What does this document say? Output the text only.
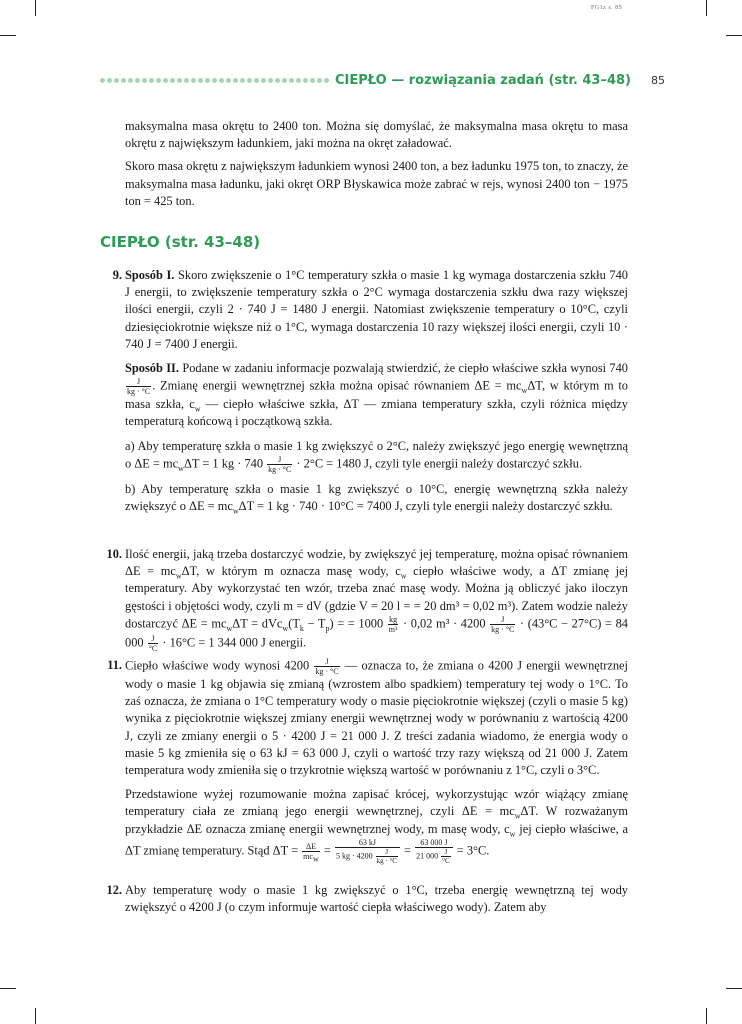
FG1z s. 85
CIEPŁO — rozwiązania zadań (str. 43–48) 85

maksymalna masa okrętu to 2400 ton. Można się domyślać, że maksymalna masa okrętu to masa okrętu z największym ładunkiem, jaki można na okręt załadować.

Skoro masa okrętu z największym ładunkiem wynosi 2400 ton, a bez ładunku 1975 ton, to znaczy, że maksymalna masa ładunku, jaki okręt ORP Błyskawica może zabrać w rejs, wynosi 2400 ton − 1975 ton = 425 ton.

CIEPŁO (str. 43–48)
9. Sposób I. Skoro zwiększenie o 1°C temperatury szkła o masie 1 kg wymaga dostarczenia szkłu 740 J energii, to zwiększenie temperatury szkła o 2°C wymaga dostarczenia szkłu dwa razy większej ilości energii, czyli 2 · 740 J = 1480 J energii. Natomiast zwiększenie temperatury o 10°C, czyli dziesięciokrotnie większe niż o 1°C, wymaga dostarczenia 10 razy większej ilości energii, czyli 10 · 740 J = 7400 J energii.

Sposób II. Podane w zadaniu informacje pozwalają stwierdzić, że ciepło właściwe szkła wynosi 740
$\frac{J}{kg \cdot ^\circ C}$ . Zmianę energii wewnętrznej szkła można opisać równaniem $\Delta E = mc_w\Delta T$, w którym m to masa szkła, $c_w$ — ciepło właściwe szkła, ΔT — zmiana temperatury szkła, czyli różnica między temperaturą końcową i początkową szkła.

a) Aby temperaturę szkła o masie 1 kg zwiększyć o 2°C, należy zwiększyć jego energię wewnętrzną o $\Delta E = mc_w\Delta T = 1$ kg · $740 \frac{J}{kg \cdot ^\circ C} \cdot 2^\circ C = 1480$ J, czyli tyle energii należy dostarczyć szkłu.

b) Aby temperaturę szkła o masie 1 kg zwiększyć o 10°C, energię wewnętrzną szkła należy zwiększyć o $\Delta E = mc_w\Delta T = 1$ kg · 740 · 10°C = 7400 J, czyli tyle energii należy dostarczyć szkłu.

10. Ilość energii, jaką trzeba dostarczyć wodzie, by zwiększyć jej temperaturę, można opisać równaniem $\Delta E = mc_w\Delta T$, w którym m oznacza masę wody, $c_w$ ciepło właściwe wody, a ΔT zmianę jej temperatury. Aby wykorzystać ten wzór, trzeba znać masę wody. Można ją obliczyć jako iloczyn gęstości i objętości wody, czyli m = dV (gdzie V = 20 l = = 20 dm³ = 0,02 m³). Zatem wodzie należy dostarczyć $\Delta E = mc_w\Delta T = dVc_w(T_k - T_p)$ = = $1000 \frac{kg}{\text{m³}} \cdot 0,02$ $m^3 \cdot 4200 \frac{J}{kg \cdot ^\circ C} \cdot (43^\circ C - 27^\circ C) = 84$ $000 \frac{J}{^\circ C} \cdot 16^\circ C = 1$ 344 000 J energii.

11. Ciepło właściwe wody wynosi $4200 \frac{J}{kg \cdot ^\circ C}$ — oznacza to, że zmiana o 4200 J energii wewnętrznej wody o masie 1 kg objawia się zmianą (wzrostem albo spadkiem) temperatury tej wody o 1°C. To zaś oznacza, że zmiana o 1°C temperatury wody o masie pięciokrotnie większej (czyli o masie 5 kg) wynika z pięciokrotnie większej zmiany energii wewnętrznej wody w porównaniu z wartością 4200 J, czyli ze zmiany energii o 5 · 4200 J = 21 000 J. Z treści zadania wiadomo, że energia wody o masie 5 kg zmieniła się o 63 kJ = 63 000 J, czyli o wartość trzy razy większą od 21 000 J. Zatem temperatura wody zmieniła się o trzykrotnie większą wartość w porównaniu z 1°C, czyli o 3°C.

Przedstawione wyżej rozumowanie można zapisać krócej, wykorzystując wzór wiążący zmianę temperatury ciała ze zmianą jego energii wewnętrznej, czyli $\Delta E = mc_w\Delta T$. W rozważanym przykładzie ΔE oznacza zmianę energii wewnętrznej wody, m masę wody, $c_w$ jej ciepło właściwe, a ΔT zmianę temperatury. Stąd $\Delta T = \frac{\Delta E}{mc_w} = \frac{63 kJ}{5 kg \cdot 4200 \frac{J}{kg \cdot ^\circ C}} = \frac{63 000 J}{21 000 \frac{J}{^\circ C}} = 3^\circ C$.

12. Aby temperaturę wody o masie 1 kg zwiększyć o 1°C, trzeba energię wewnętrzną tej wody zwiększyć o 4200 J (o czym informuje wartość ciepła właściwego wody). Zatem aby
